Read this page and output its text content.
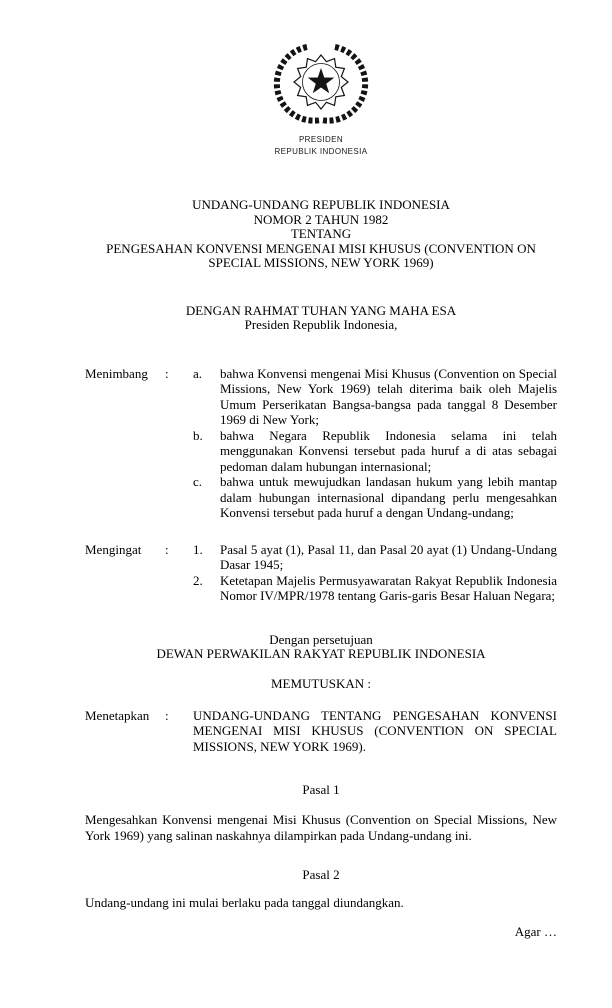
PRESIDEN
REPUBLIK INDONESIA
UNDANG-UNDANG REPUBLIK INDONESIA
NOMOR 2 TAHUN 1982
TENTANG
PENGESAHAN KONVENSI MENGENAI MISI KHUSUS (CONVENTION ON SPECIAL MISSIONS, NEW YORK 1969)
DENGAN RAHMAT TUHAN YANG MAHA ESA
Presiden Republik Indonesia,
Menimbang	:	a.	bahwa Konvensi mengenai Misi Khusus (Convention on Special Missions, New York 1969) telah diterima baik oleh Majelis Umum Perserikatan Bangsa-bangsa pada tanggal 8 Desember 1969 di New York;
b.	bahwa Negara Republik Indonesia selama ini telah menggunakan Konvensi tersebut pada huruf a di atas sebagai pedoman dalam hubungan internasional;
c.	bahwa untuk mewujudkan landasan hukum yang lebih mantap dalam hubungan internasional dipandang perlu mengesahkan Konvensi tersebut pada huruf a dengan Undang-undang;
Mengingat	:	1.	Pasal 5 ayat (1), Pasal 11, dan Pasal 20 ayat (1) Undang-Undang Dasar 1945;
2.	Ketetapan Majelis Permusyawaratan Rakyat Republik Indonesia Nomor IV/MPR/1978 tentang Garis-garis Besar Haluan Negara;
Dengan persetujuan
DEWAN PERWAKILAN RAKYAT REPUBLIK INDONESIA
MEMUTUSKAN :
Menetapkan	:	UNDANG-UNDANG TENTANG PENGESAHAN KONVENSI MENGENAI MISI KHUSUS (CONVENTION ON SPECIAL MISSIONS, NEW YORK 1969).
Pasal 1

Mengesahkan Konvensi mengenai Misi Khusus (Convention on Special Missions, New York 1969) yang salinan naskahnya dilampirkan pada Undang-undang ini.

Pasal 2

Undang-undang ini mulai berlaku pada tanggal diundangkan.

Agar …
